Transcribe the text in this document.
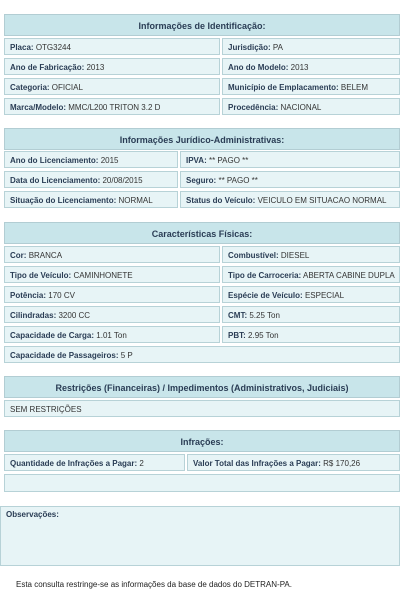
Informações de Identificação:
Placa: OTG3244	Jurisdição: PA
Ano de Fabricação: 2013	Ano do Modelo: 2013
Categoria: OFICIAL	Município de Emplacamento: BELEM
Marca/Modelo: MMC/L200 TRITON 3.2 D	Procedência: NACIONAL
Informações Jurídico-Administrativas:
Ano do Licenciamento: 2015	IPVA: ** PAGO **
Data do Licenciamento: 20/08/2015	Seguro: ** PAGO **
Situação do Licenciamento: NORMAL	Status do Veículo: VEICULO EM SITUACAO NORMAL
Características Físicas:
Cor: BRANCA	Combustível: DIESEL
Tipo de Veículo: CAMINHONETE	Tipo de Carroceria: ABERTA CABINE DUPLA
Potência: 170 CV	Espécie de Veículo: ESPECIAL
Cilindradas: 3200 CC	CMT: 5.25 Ton
Capacidade de Carga: 1.01 Ton	PBT: 2.95 Ton
Capacidade de Passageiros: 5 P
Restrições (Financeiras) / Impedimentos (Administrativos, Judiciais)
SEM RESTRIÇÕES
Infrações:
Quantidade de Infrações a Pagar: 2	Valor Total das Infrações a Pagar: R$ 170,26
Observações:
Esta consulta restringe-se as informações da base de dados do DETRAN-PA.
